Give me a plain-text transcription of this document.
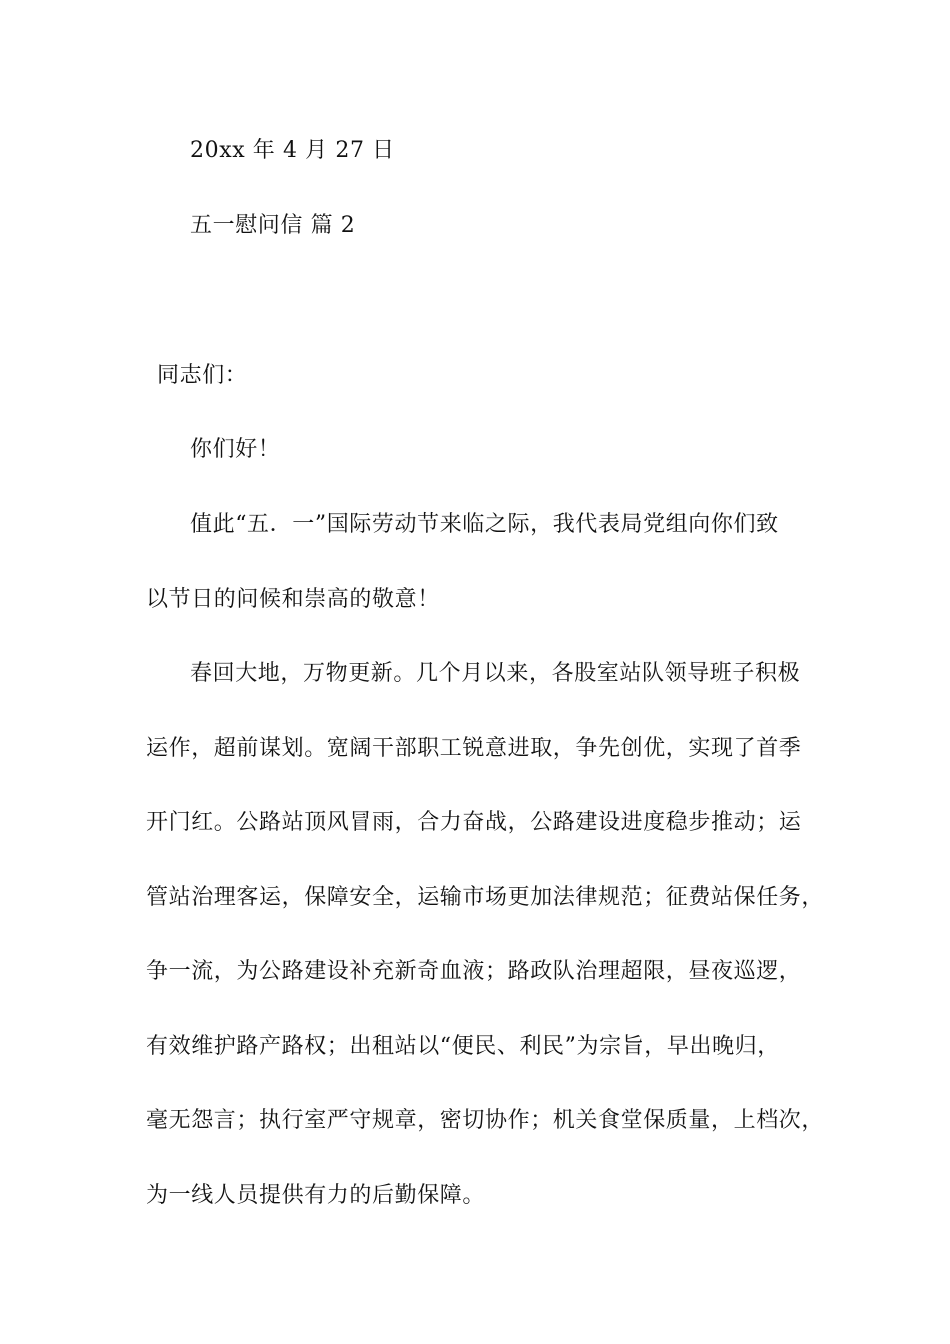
20xx 年 4 月 27 日
五一慰问信 篇 2
同志们：
你们好！
值此“五．一”国际劳动节来临之际，我代表局党组向你们致
以节日的问候和崇高的敬意！
春回大地，万物更新。几个月以来，各股室站队领导班子积极
运作，超前谋划。宽阔干部职工锐意进取，争先创优，实现了首季
开门红。公路站顶风冒雨，合力奋战，公路建设进度稳步推动；运
管站治理客运，保障安全，运输市场更加法律规范；征费站保任务，
争一流，为公路建设补充新奇血液；路政队治理超限，昼夜巡逻，
有效维护路产路权；出租站以“便民、利民”为宗旨，早出晚归，
毫无怨言；执行室严守规章，密切协作；机关食堂保质量，上档次，
为一线人员提供有力的后勤保障。
